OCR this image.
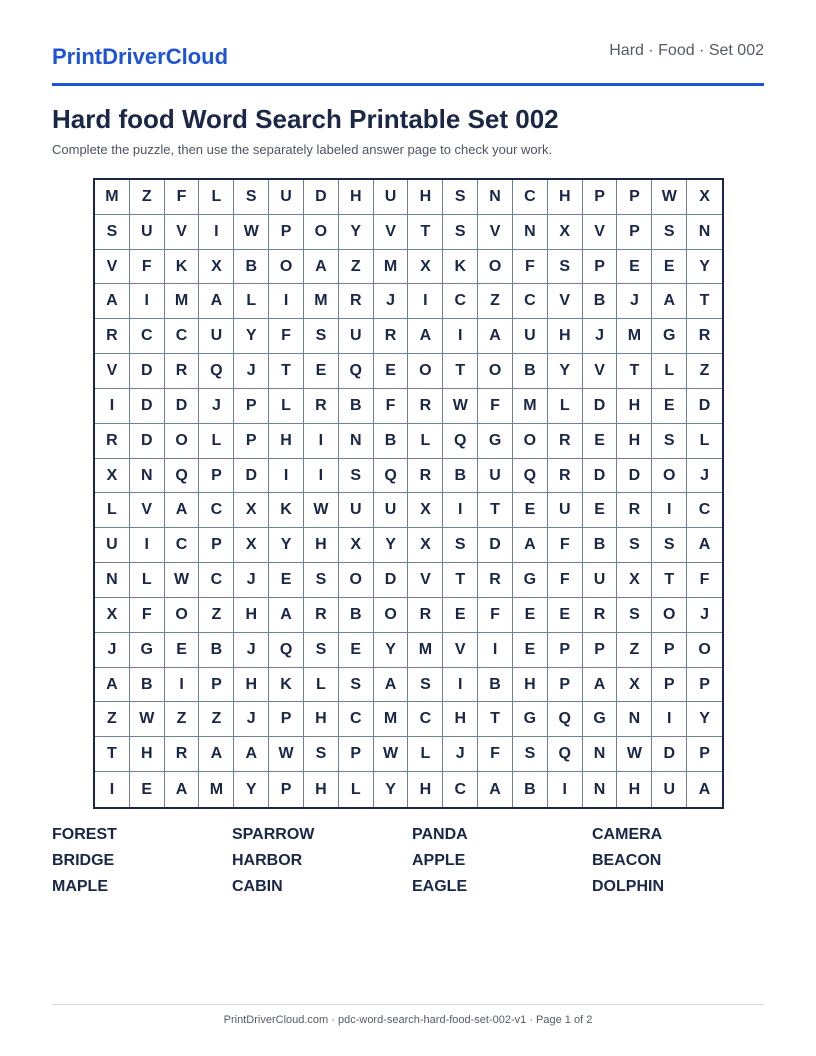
PrintDriverCloud	Hard · Food · Set 002
Hard food Word Search Printable Set 002

Complete the puzzle, then use the separately labeled answer page to check your work.

M	Z	F	L	S	U	D	H	U	H	S	N	C	H	P	P	W	X
S	U	V	I	W	P	O	Y	V	T	S	V	N	X	V	P	S	N
V	F	K	X	B	O	A	Z	M	X	K	O	F	S	P	E	E	Y
A	I	M	A	L	I	M	R	J	I	C	Z	C	V	B	J	A	T
R	C	C	U	Y	F	S	U	R	A	I	A	U	H	J	M	G	R
V	D	R	Q	J	T	E	Q	E	O	T	O	B	Y	V	T	L	Z
I	D	D	J	P	L	R	B	F	R	W	F	M	L	D	H	E	D
R	D	O	L	P	H	I	N	B	L	Q	G	O	R	E	H	S	L
X	N	Q	P	D	I	I	S	Q	R	B	U	Q	R	D	D	O	J
L	V	A	C	X	K	W	U	U	X	I	T	E	U	E	R	I	C
U	I	C	P	X	Y	H	X	Y	X	S	D	A	F	B	S	S	A
N	L	W	C	J	E	S	O	D	V	T	R	G	F	U	X	T	F
X	F	O	Z	H	A	R	B	O	R	E	F	E	E	R	S	O	J
J	G	E	B	J	Q	S	E	Y	M	V	I	E	P	P	Z	P	O
A	B	I	P	H	K	L	S	A	S	I	B	H	P	A	X	P	P
Z	W	Z	Z	J	P	H	C	M	C	H	T	G	Q	G	N	I	Y
T	H	R	A	A	W	S	P	W	L	J	F	S	Q	N	W	D	P
I	E	A	M	Y	P	H	L	Y	H	C	A	B	I	N	H	U	A
FOREST	SPARROW	PANDA	CAMERA
BRIDGE	HARBOR	APPLE	BEACON
MAPLE	CABIN	EAGLE	DOLPHIN
PrintDriverCloud.com · pdc-word-search-hard-food-set-002-v1 · Page 1 of 2
